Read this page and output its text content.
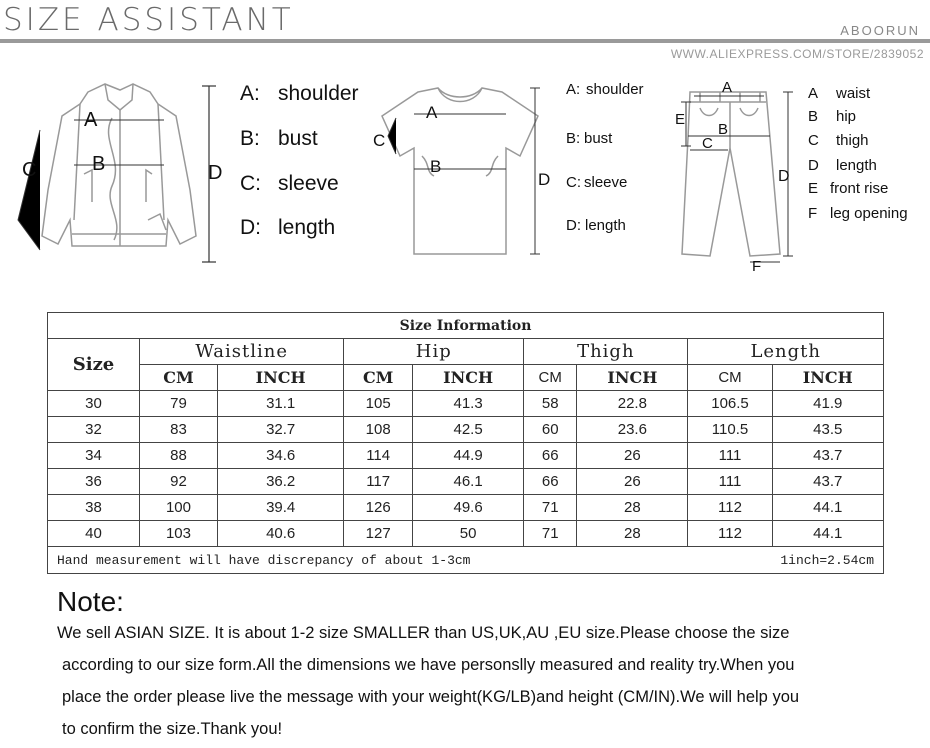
SIZE ASSISTANT	ABOORUN
WWW.ALIEXPRESS.COM/STORE/2839052
A
B
C	D
A: shoulder
B: bust
C: sleeve
D: length
A
B
C
D
A: shoulder
B: bust
C: sleeve
D: length
A
B
C
E
F
D
A waist
B hip
C thigh
D length
E front rise
F leg opening
Size Information								
Size	Waistline		Hip		Thigh		Length	
	CM	INCH	CM	INCH	CM	INCH	CM	INCH
30	79	31.1	105	41.3	58	22.8	106.5	41.9
32	83	32.7	108	42.5	60	23.6	110.5	43.5
34	88	34.6	114	44.9	66	26	111	43.7
36	92	36.2	117	46.1	66	26	111	43.7
38	100	39.4	126	49.6	71	28	112	44.1
40	103	40.6	127	50	71	28	112	44.1
Hand measurement will have discrepancy of about 1-3cm 1inch=2.54cm								
Note:
We sell ASIAN SIZE. It is about 1-2 size SMALLER than US,UK,AU ,EU size.Please choose the size
according to our size form.All the dimensions we have personslly measured and reality try.When you
place the order please live the message with your weight(KG/LB)and height (CM/IN).We will help you
to confirm the size.Thank you!
